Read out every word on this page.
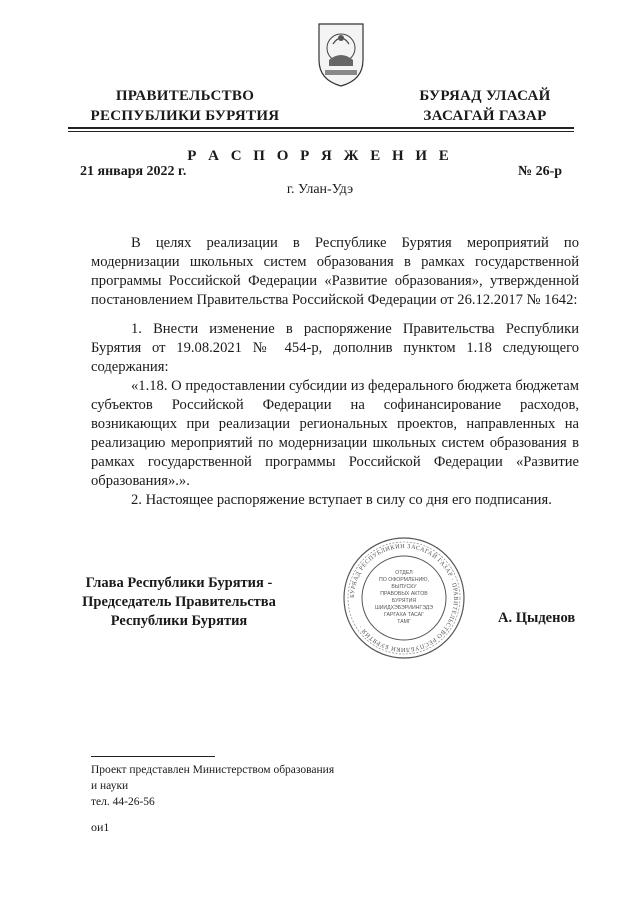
ПРАВИТЕЛЬСТВО
РЕСПУБЛИКИ БУРЯТИЯ
БУРЯАД УЛАСАЙ
ЗАСАГАЙ ГАЗАР
Р А С П О Р Я Ж Е Н И Е
21 января 2022 г.	№ 26-р
г. Улан-Удэ

В целях реализации в Республике Бурятия мероприятий по модернизации школьных систем образования в рамках государственной программы Российской Федерации «Развитие образования», утвержденной постановлением Правительства Российской Федерации от 26.12.2017 № 1642:

1. Внести изменение в распоряжение Правительства Республики Бурятия от 19.08.2021 № 454-р, дополнив пунктом 1.18 следующего содержания:

«1.18. О предоставлении субсидии из федерального бюджета бюджетам субъектов Российской Федерации на софинансирование расходов, возникающих при реализации региональных проектов, направленных на реализацию мероприятий по модернизации школьных систем образования в рамках государственной программы Российской Федерации «Развитие образования».».

2. Настоящее распоряжение вступает в силу со дня его подписания.

Глава Республики Бурятия -
Председатель Правительства
Республики Бурятия	А. Цыденов
БУРЯАД РЕСПУБЛИКИН ЗАСАГАЙ ГАЗАР · ПРАВИТЕЛЬСТВО РЕСПУБЛИКИ БУРЯТИЯ ·
ОТДЕЛ
ПО ОФОРМЛЕНИЮ,
ВЫПУСКУ
ПРАВОВЫХ АКТОВ
БУРЯТИЯ
ШИИДХЭБЭРИИНГЭДЭ
ГАРГАХА ТАСАГ
ТАМГ
Проект представлен Министерством образования
и науки
тел. 44-26-56
ои1
